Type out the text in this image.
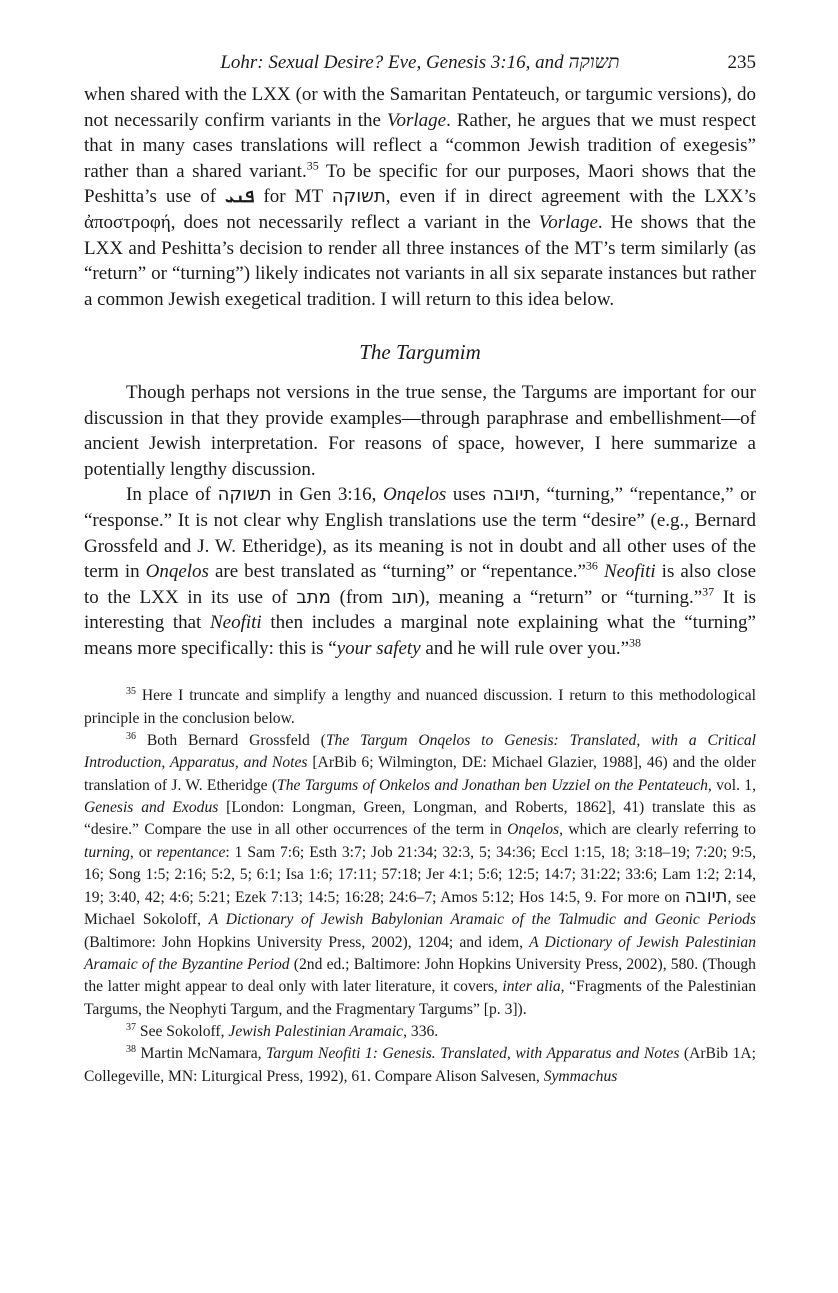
Lohr: Sexual Desire? Eve, Genesis 3:16, and תשוקה	235

when shared with the LXX (or with the Samaritan Pentateuch, or targumic versions), do not necessarily confirm variants in the Vorlage. Rather, he argues that we must respect that in many cases translations will reflect a “common Jewish tradition of exegesis” rather than a shared variant.$^{35}$ To be specific for our purposes, Maori shows that the Peshitta’s use of ܦܢܝ for MT תשוקה, even if in direct agreement with the LXX’s ἀποστροφή, does not necessarily reflect a variant in the Vorlage. He shows that the LXX and Peshitta’s decision to render all three instances of the MT’s term similarly (as “return” or “turning”) likely indicates not variants in all six separate instances but rather a common Jewish exegetical tradition. I will return to this idea below.

The Targumim

Though perhaps not versions in the true sense, the Targums are important for our discussion in that they provide examples—through paraphrase and embellishment—of ancient Jewish interpretation. For reasons of space, however, I here summarize a potentially lengthy discussion.

In place of תשוקה in Gen 3:16, Onqelos uses תיובה, “turning,” “repentance,” or “response.” It is not clear why English translations use the term “desire” (e.g., Bernard Grossfeld and J. W. Etheridge), as its meaning is not in doubt and all other uses of the term in Onqelos are best translated as “turning” or “repentance.”$^{36}$ Neofiti is also close to the LXX in its use of מתב (from תוב), meaning a “return” or “turning.”$^{37}$ It is interesting that Neofiti then includes a marginal note explaining what the “turning” means more specifically: this is “your safety and he will rule over you.”$^{38}$

$^{35}$ Here I truncate and simplify a lengthy and nuanced discussion. I return to this methodological principle in the conclusion below.

$^{36}$ Both Bernard Grossfeld (The Targum Onqelos to Genesis: Translated, with a Critical Introduction, Apparatus, and Notes [ArBib 6; Wilmington, DE: Michael Glazier, 1988], 46) and the older translation of J. W. Etheridge (The Targums of Onkelos and Jonathan ben Uzziel on the Pentateuch, vol. 1, Genesis and Exodus [London: Longman, Green, Longman, and Roberts, 1862], 41) translate this as “desire.” Compare the use in all other occurrences of the term in Onqelos, which are clearly referring to turning, or repentance: 1 Sam 7:6; Esth 3:7; Job 21:34; 32:3, 5; 34:36; Eccl 1:15, 18; 3:18–19; 7:20; 9:5, 16; Song 1:5; 2:16; 5:2, 5; 6:1; Isa 1:6; 17:11; 57:18; Jer 4:1; 5:6; 12:5; 14:7; 31:22; 33:6; Lam 1:2; 2:14, 19; 3:40, 42; 4:6; 5:21; Ezek 7:13; 14:5; 16:28; 24:6–7; Amos 5:12; Hos 14:5, 9. For more on תיובה, see Michael Sokoloff, A Dictionary of Jewish Babylonian Aramaic of the Talmudic and Geonic Periods (Baltimore: John Hopkins University Press, 2002), 1204; and idem, A Dictionary of Jewish Palestinian Aramaic of the Byzantine Period (2nd ed.; Baltimore: John Hopkins University Press, 2002), 580. (Though the latter might appear to deal only with later literature, it covers, inter alia, “Fragments of the Palestinian Targums, the Neophyti Targum, and the Fragmentary Targums” [p. 3]).

$^{37}$ See Sokoloff, Jewish Palestinian Aramaic, 336.

$^{38}$ Martin McNamara, Targum Neofiti 1: Genesis. Translated, with Apparatus and Notes (ArBib 1A; Collegeville, MN: Liturgical Press, 1992), 61. Compare Alison Salvesen, Symmachus
